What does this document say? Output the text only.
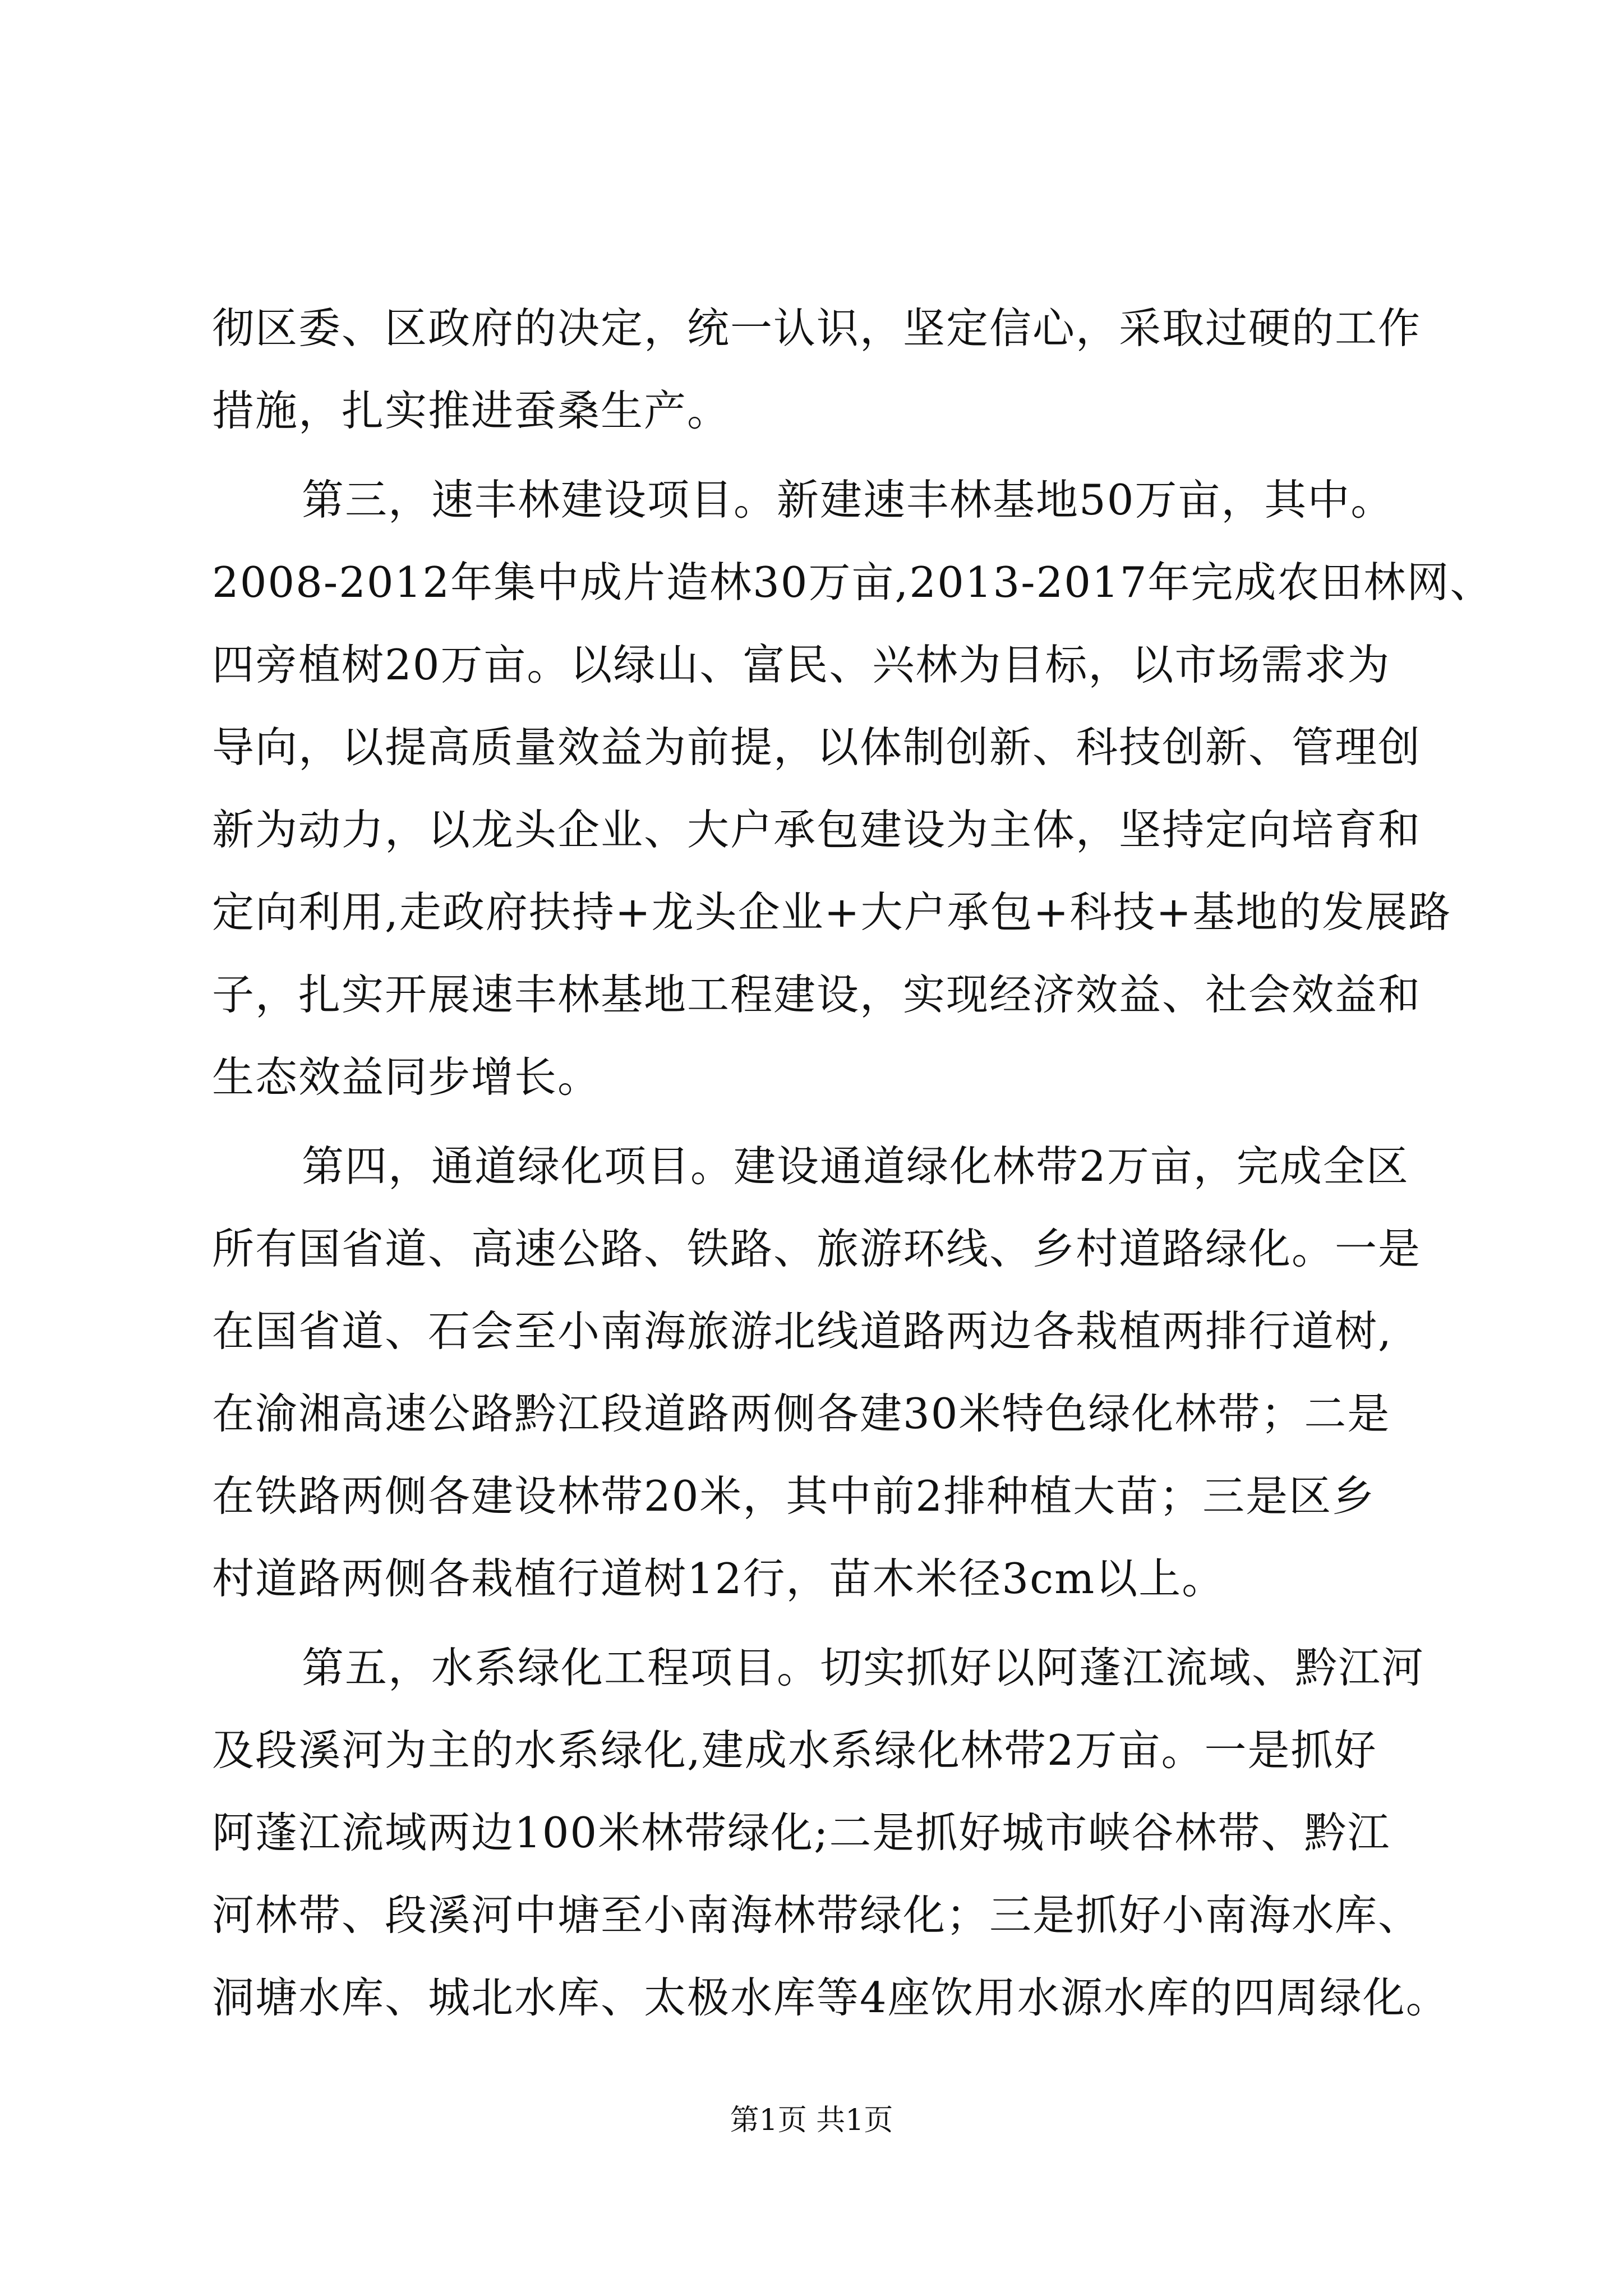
彻区委、区政府的决定，统一认识，坚定信心，采取过硬的工作
措施，扎实推进蚕桑生产。
第三，速丰林建设项目。新建速丰林基地50万亩，其中。
2008-2012年集中成片造林30万亩,2013-2017年完成农田林网、
四旁植树20万亩。以绿山、富民、兴林为目标，以市场需求为
导向，以提高质量效益为前提，以体制创新、科技创新、管理创
新为动力，以龙头企业、大户承包建设为主体，坚持定向培育和
定向利用,走政府扶持+龙头企业+大户承包+科技+基地的发展路
子，扎实开展速丰林基地工程建设，实现经济效益、社会效益和
生态效益同步增长。
第四，通道绿化项目。建设通道绿化林带2万亩，完成全区
所有国省道、高速公路、铁路、旅游环线、乡村道路绿化。一是
在国省道、石会至小南海旅游北线道路两边各栽植两排行道树,
在渝湘高速公路黔江段道路两侧各建30米特色绿化林带；二是
在铁路两侧各建设林带20米，其中前2排种植大苗；三是区乡
村道路两侧各栽植行道树12行，苗木米径3cm以上。
第五，水系绿化工程项目。切实抓好以阿蓬江流域、黔江河
及段溪河为主的水系绿化,建成水系绿化林带2万亩。一是抓好
阿蓬江流域两边100米林带绿化;二是抓好城市峡谷林带、黔江
河林带、段溪河中塘至小南海林带绿化；三是抓好小南海水库、
洞塘水库、城北水库、太极水库等4座饮用水源水库的四周绿化。
第1页 共1页
